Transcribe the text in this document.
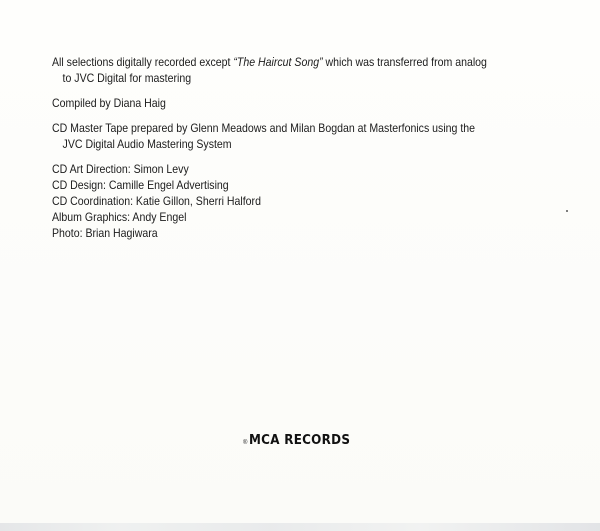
All selections digitally recorded except “The Haircut Song” which was transferred from analog to JVC Digital for mastering

Compiled by Diana Haig

CD Master Tape prepared by Glenn Meadows and Milan Bogdan at Masterfonics using the JVC Digital Audio Mastering System

CD Art Direction: Simon Levy
CD Design: Camille Engel Advertising
CD Coordination: Katie Gillon, Sherri Halford
Album Graphics: Andy Engel
Photo: Brian Hagiwara

® MCA RECORDS
